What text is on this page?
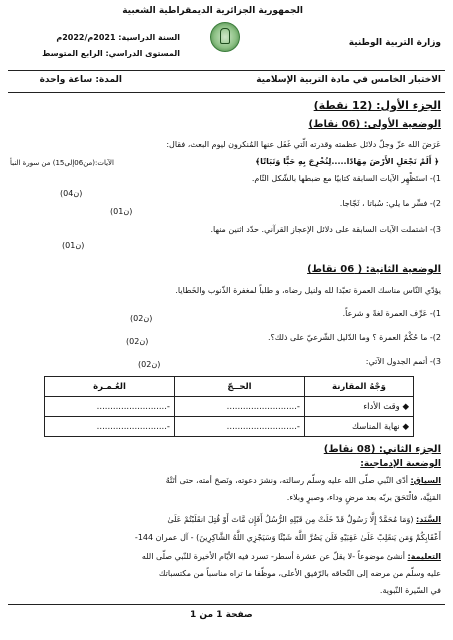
الجمهورية الجزائرية الديمقراطية الشعبية
وزارة التربية الوطنية
السنة الدراسية: 2021م/2022م
المستوى الدراسي: الرابع المتوسط
الاختبار الخامس في مادة التربية الإسلامية
المدة: ساعة واحدة
الجزء الأول: (12 نقطة)
الوضعية الأولى: (06 نقاط)
عَرَضَ الله عزّ وجلّ دلائل عظمته وقدرته الّتي غَفَل عنها المُنكرون ليوم البعث، فقال:
﴿ أَلَمْ نَجْعَلِ الأَرْضَ مِهَادًا.....لِنُخْرِجَ بِهِ حَبًّا وَنَبَاتًا﴾
الآيات:(من06إلى15) من سورة النبأ
1)- استَظْهِر الآيات السابقة كتابيًا مع ضبطها بالشّكل التّام.
(04ن)
2)- فسِّر ما يلي: سُباتا ، ثَجّاجا.
(01ن)
3)- اشتملت الآيات السابقة على دلائل الإعجاز القرآني. حدّد اثنين منها.
(01ن)
الوضعية الثانية: ( 06 نقاط)
يؤدّي النّاس مناسك العمرة تعبّدا لله ولنيل رضاه، و طلباً لمغفرة الذّنوب والخَطايا.
1)- عَرِّف العمرة لغةً و شرعاً.
(02ن)
2)- ما حُكْمُ العمرة ؟ وما الدّليل الشّرعيّ على ذلك؟.
(02ن)
3)- أتمم الجدول الآتي:
(02ن)
وَجْهُ المقارنة	الحــجّ	العُـمـرة
◆ وقت الأداء	-..........................	-..........................
◆ نهاية المناسك	-..........................	-..........................
الجزء الثاني: (08 نقاط)
الوضعية الإدماجية:
السياق: أدّى النّبي صلّى الله عليه وسلّم رسالته، ونشرَ دعوته، ونَصحَ أمته، حتى أتَتْهُ
المَنِيَّة، فالْتَحَقَ بربّه بعد مرضٍ وداء، وصبرٍ وبلاء.
السَّنَد: (وَمَا مُحَمَّدٌ إِلَّا رَسُولٌ قَدْ خَلَتْ مِن قَبْلِهِ الرُّسُلُ أَفَإِن مَّاتَ أَوْ قُتِلَ انقَلَبْتُمْ عَلَىٰ
أَعْقَابِكُمْ وَمَن يَنقَلِبْ عَلَىٰ عَقِبَيْهِ فَلَن يَضُرَّ اللَّهَ شَيْئًا وَسَيَجْزِي اللَّهُ الشَّاكِرِينَ) - آل عمران 144-
التعليمة: أنشئ موضوعاً -لا يقلّ عن عشرة أسطر- تسرد فيه الأيّام الأخيرة للنّبي صلّى الله
عليه وسلّم من مرضه إلى التّحاقه بالرّفيق الأعلى، موظّفا ما تراه مناسباً من مكتسباتك
في السّيرة النّبوية.
صفحة 1 من 1
